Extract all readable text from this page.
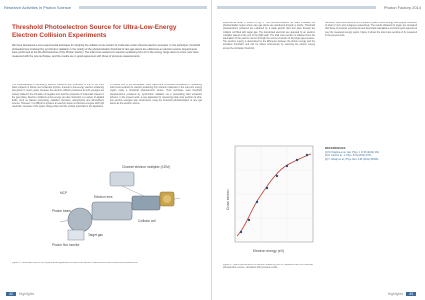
Research Activities in Photon Science
Threshold Photoelectron Source for Ultra-Low-Energy Electron Collision Experiments

We have developed a new experimental technique for studying the collision cross section of molecules under ultra-low electron energies. In the technique, threshold photoelectrons produced by synchrotron radiation in the vicinity of the photoionization threshold of rare gas atoms are utilized as an electron source. Experiments were performed at the BL-20A beamline of the Photon Factory. The total cross sections for electron scattering from Ar in the energy range down to a few meV were measured with the new technique, and the results are in good agreement with those of previous measurements.

The understanding of low-energy electron collisions with molecules is one of the most basic subjects in atomic and molecular physics. Interest in low-energy electron scattering has grown in recent years, because the electron collision processes at such energies are closely related to the formation of negative ions and the properties of molecular clusters in the gas phase. Electron collisions at low energy are also important in a variety of applied fields, such as plasma processing, radiation chemistry, astrophysics and atmospheric science. However, it is difficult to produce an electron beam at ultra-low energies with high resolution, because of the space charge effect and the contact potentials in the apparatus.

To realize one of the techniques, Field, Baertl and co-workers succeeded in measuring total cross sections for electron scattering from various molecules in the sub-meV energy region using a threshold photoelectron source. Their technique used threshold photoelectrons produced by synchrotron radiation via a penetrating field extraction scheme. In the present work, a new apparatus for measuring total cross sections at ultra-low electron energies was constructed, using the threshold photoionization of rare gas atoms as the electron source.

Photon beam
Photon flux monitor
MCP
Collision cell
Channel electron multiplier (CEM)
Target gas
Electron lens

Figure 1: Schematic view of the experimental apparatus for total cross section measurements with threshold photoelectrons.

42	Highlights
Photon Factory 2014

experimental setup is shown in Fig. 1. The monochromatized SR beam irradiates the photoionization region where rare gas atoms are introduced through a nozzle. Threshold photoelectrons produced are extracted by a weak electric field and pass through the collision cell filled with target gas. The transmitted electrons are detected by an electron multiplier placed at the end of the flight path. The total cross section is obtained from the attenuation of the electron current through the cell as a function of the target gas pressure. The electron energy is determined by the difference between the photon energy and the ionization threshold, and can be varied continuously by scanning the photon energy across the ionization threshold.

Moreover, total cross sections of the present system reflect energy and angular resolution of about 2 meV and 4 degrees respectively. The results obtained for argon are compared with those of previous experiments and theoretical calculations and show good agreement over the measured energy region. Figure 2 shows the total cross sections of Ar measured in the present work.

REFERENCES

[1] M. Kitajima et al., Eur. Phys. J. D 66 (2012) 130.
[2] D. Field et al., J. Phys. B 34 (2001) 4371.
[3] T. Odagiri et al., Phys. Rev. A 84 (2011) 053401.

Electron energy (eV)
Cross section

Figure 2: Total cross sections for electron scattering from Ar measured with the threshold photoelectron source, compared with previous results.

Highlights	43
